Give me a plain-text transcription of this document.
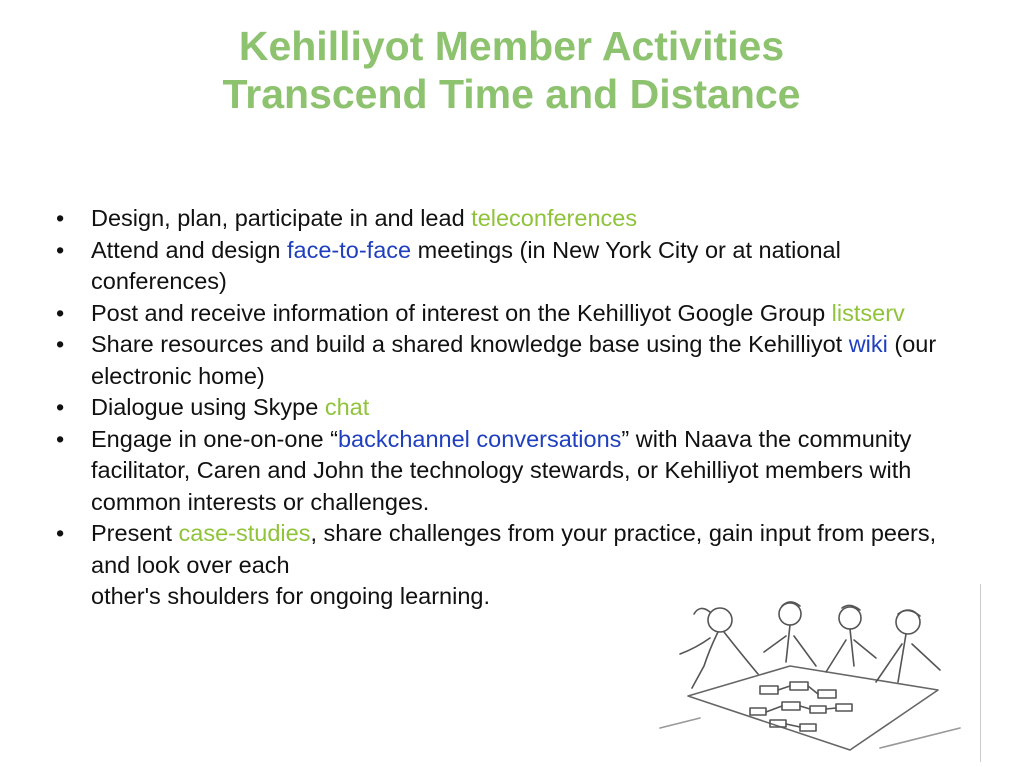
Kehilliyot Member Activities
Transcend Time and Distance
• Design, plan, participate in and lead teleconferences
• Attend and design face-to-face meetings (in New York City or at national conferences)
• Post and receive information of interest on the Kehilliyot Google Group listserv
• Share resources and build a shared knowledge base using the Kehilliyot wiki (our electronic home)
• Dialogue using Skype chat
• Engage in one-on-one “backchannel conversations” with Naava the community facilitator, Caren and John the technology stewards, or Kehilliyot members with common interests or challenges.
• Present case-studies, share challenges from your practice, gain input from peers, and look over each
other's shoulders for ongoing learning.
